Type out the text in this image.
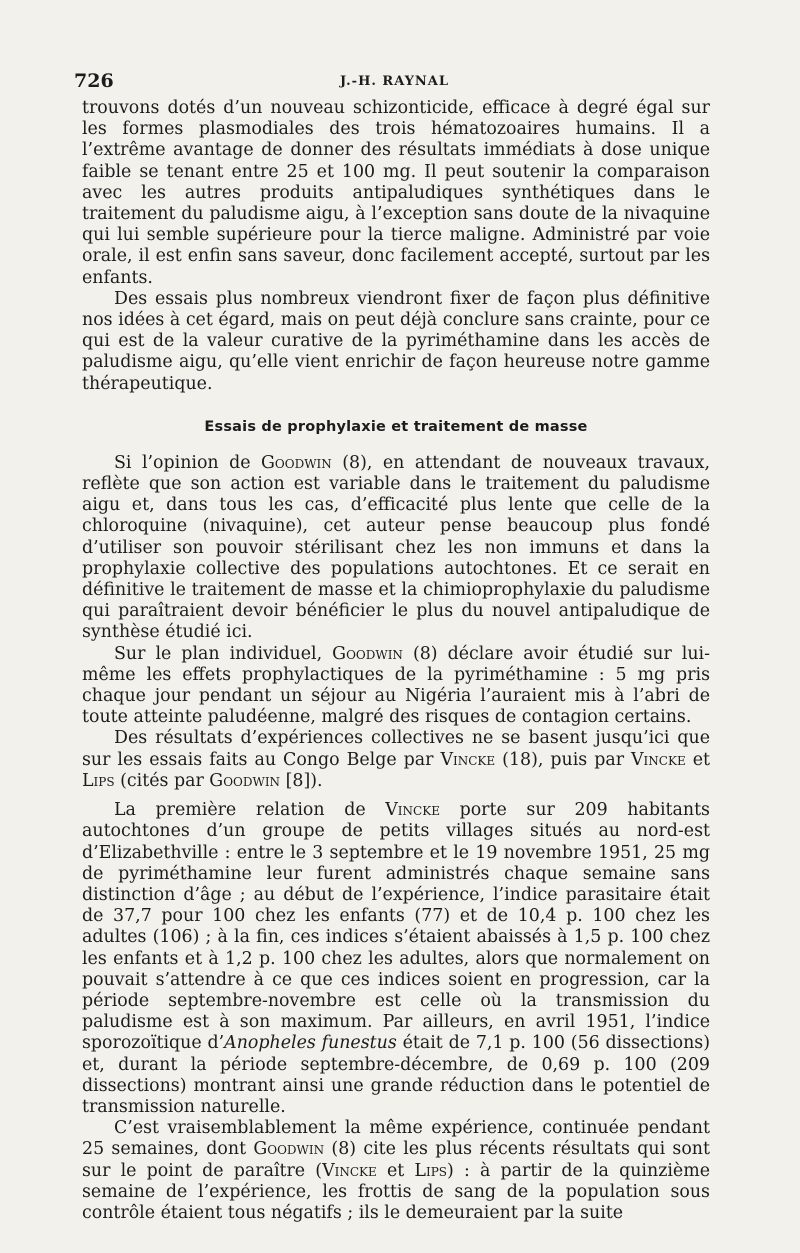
726	J.-H. RAYNAL

trouvons dotés d’un nouveau schizonticide, efficace à degré égal sur les formes plasmodiales des trois hématozoaires humains. Il a l’extrême avantage de donner des résultats immédiats à dose unique faible se tenant entre 25 et 100 mg. Il peut soutenir la comparaison avec les autres produits antipaludiques synthétiques dans le traitement du paludisme aigu, à l’exception sans doute de la nivaquine qui lui semble supérieure pour la tierce maligne. Administré par voie orale, il est enfin sans saveur, donc facilement accepté, surtout par les enfants.

Des essais plus nombreux viendront fixer de façon plus définitive nos idées à cet égard, mais on peut déjà conclure sans crainte, pour ce qui est de la valeur curative de la pyriméthamine dans les accès de paludisme aigu, qu’elle vient enrichir de façon heureuse notre gamme thérapeutique.

Essais de prophylaxie et traitement de masse

Si l’opinion de Goodwin (8), en attendant de nouveaux travaux, reflète que son action est variable dans le traitement du paludisme aigu et, dans tous les cas, d’efficacité plus lente que celle de la chloroquine (nivaquine), cet auteur pense beaucoup plus fondé d’utiliser son pouvoir stérilisant chez les non immuns et dans la prophylaxie collective des populations autochtones. Et ce serait en définitive le traitement de masse et la chimioprophylaxie du paludisme qui paraîtraient devoir bénéficier le plus du nouvel antipaludique de synthèse étudié ici.

Sur le plan individuel, Goodwin (8) déclare avoir étudié sur lui-même les effets prophylactiques de la pyriméthamine : 5 mg pris chaque jour pendant un séjour au Nigéria l’auraient mis à l’abri de toute atteinte paludéenne, malgré des risques de contagion certains.

Des résultats d’expériences collectives ne se basent jusqu’ici que sur les essais faits au Congo Belge par Vincke (18), puis par Vincke et Lips (cités par Goodwin [8]).

La première relation de Vincke porte sur 209 habitants autochtones d’un groupe de petits villages situés au nord-est d’Elizabethville : entre le 3 septembre et le 19 novembre 1951, 25 mg de pyriméthamine leur furent administrés chaque semaine sans distinction d’âge ; au début de l’expérience, l’indice parasitaire était de 37,7 pour 100 chez les enfants (77) et de 10,4 p. 100 chez les adultes (106) ; à la fin, ces indices s’étaient abaissés à 1,5 p. 100 chez les enfants et à 1,2 p. 100 chez les adultes, alors que normalement on pouvait s’attendre à ce que ces indices soient en progression, car la période septembre-novembre est celle où la transmission du paludisme est à son maximum. Par ailleurs, en avril 1951, l’indice sporozoïtique d’Anopheles funestus était de 7,1 p. 100 (56 dissections) et, durant la période septembre-décembre, de 0,69 p. 100 (209 dissections) montrant ainsi une grande réduction dans le potentiel de transmission naturelle.

C’est vraisemblablement la même expérience, continuée pendant 25 semaines, dont Goodwin (8) cite les plus récents résultats qui sont sur le point de paraître (Vincke et Lips) : à partir de la quinzième semaine de l’expérience, les frottis de sang de la population sous contrôle étaient tous négatifs ; ils le demeuraient par la suite
